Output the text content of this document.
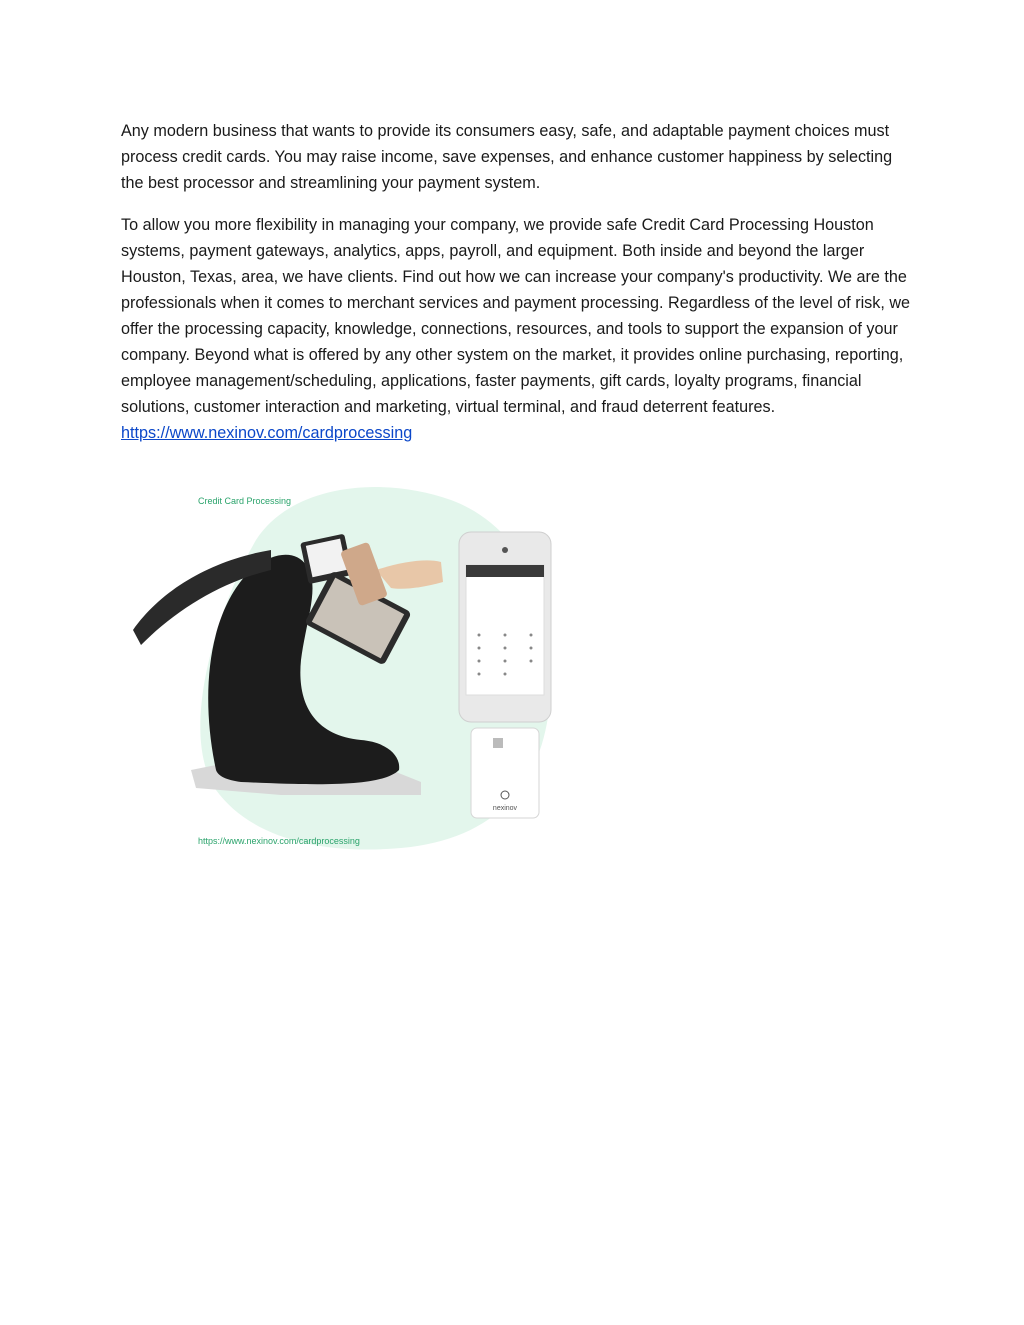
Any modern business that wants to provide its consumers easy, safe, and adaptable payment choices must process credit cards. You may raise income, save expenses, and enhance customer happiness by selecting the best processor and streamlining your payment system.

To allow you more flexibility in managing your company, we provide safe Credit Card Processing Houston systems, payment gateways, analytics, apps, payroll, and equipment. Both inside and beyond the larger Houston, Texas, area, we have clients. Find out how we can increase your company's productivity. We are the professionals when it comes to merchant services and payment processing. Regardless of the level of risk, we offer the processing capacity, knowledge, connections, resources, and tools to support the expansion of your company. Beyond what is offered by any other system on the market, it provides online purchasing, reporting, employee management/scheduling, applications, faster payments, gift cards, loyalty programs, financial solutions, customer interaction and marketing, virtual terminal, and fraud deterrent features. https://www.nexinov.com/cardprocessing

nexinov
Credit Card Processing
https://www.nexinov.com/cardprocessing
